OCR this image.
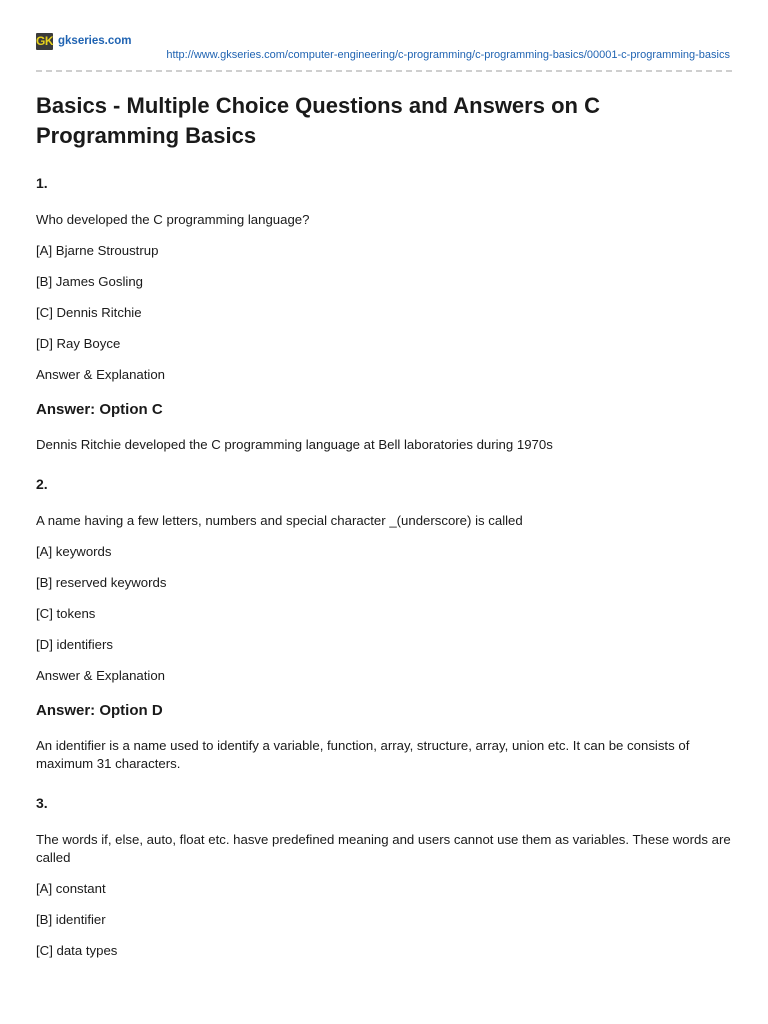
GK gkseries.com
http://www.gkseries.com/computer-engineering/c-programming/c-programming-basics/00001-c-programming-basics
Basics - Multiple Choice Questions and Answers on C Programming Basics
1.
Who developed the C programming language?
[A] Bjarne Stroustrup
[B] James Gosling
[C] Dennis Ritchie
[D] Ray Boyce
Answer & Explanation
Answer: Option C
Dennis Ritchie developed the C programming language at Bell laboratories during 1970s
2.
A name having a few letters, numbers and special character _(underscore) is called
[A] keywords
[B] reserved keywords
[C] tokens
[D] identifiers
Answer & Explanation
Answer: Option D
An identifier is a name used to identify a variable, function, array, structure, array, union etc. It can be consists of maximum 31 characters.
3.
The words if, else, auto, float etc. hasve predefined meaning and users cannot use them as variables. These words are called
[A] constant
[B] identifier
[C] data types
